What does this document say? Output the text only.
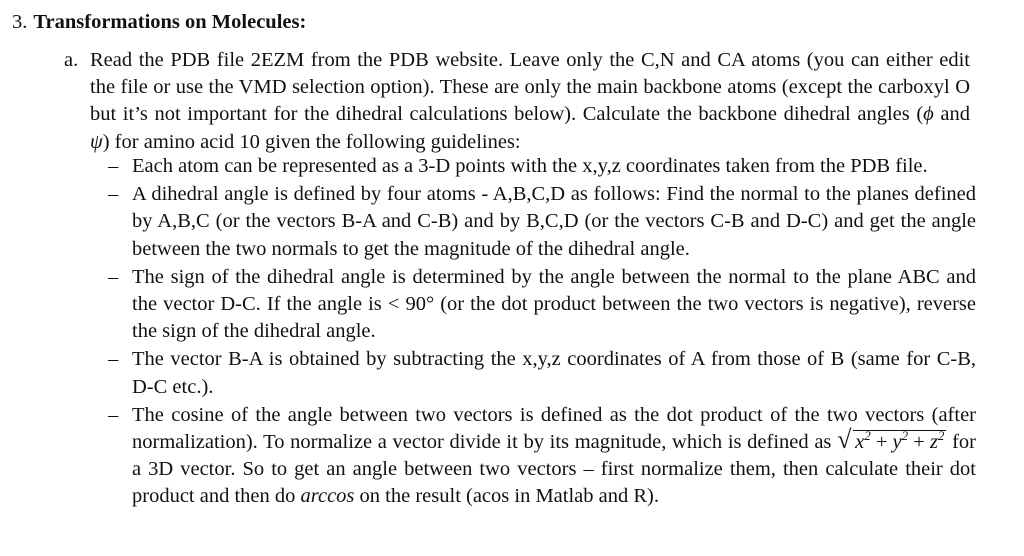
3. Transformations on Molecules:
a. Read the PDB file 2EZM from the PDB website. Leave only the C,N and CA atoms (you can either edit the file or use the VMD selection option). These are only the main backbone atoms (except the carboxyl O but it’s not important for the dihedral calculations below). Calculate the backbone dihedral angles (ϕ and ψ) for amino acid 10 given the following guidelines:
– Each atom can be represented as a 3-D points with the x,y,z coordinates taken from the PDB file.
– A dihedral angle is defined by four atoms - A,B,C,D as follows: Find the normal to the planes defined by A,B,C (or the vectors B-A and C-B) and by B,C,D (or the vectors C-B and D-C) and get the angle between the two normals to get the magnitude of the dihedral angle.
– The sign of the dihedral angle is determined by the angle between the normal to the plane ABC and the vector D-C. If the angle is < 90° (or the dot product between the two vectors is negative), reverse the sign of the dihedral angle.
– The vector B-A is obtained by subtracting the x,y,z coordinates of A from those of B (same for C-B, D-C etc.).
– The cosine of the angle between two vectors is defined as the dot product of the two vectors (after normalization). To normalize a vector divide it by its magnitude, which is defined as √ $x^2 + y^2 + z^2$ for a 3D vector. So to get an angle between two vectors – first normalize them, then calculate their dot product and then do arccos on the result (acos in Matlab and R).
